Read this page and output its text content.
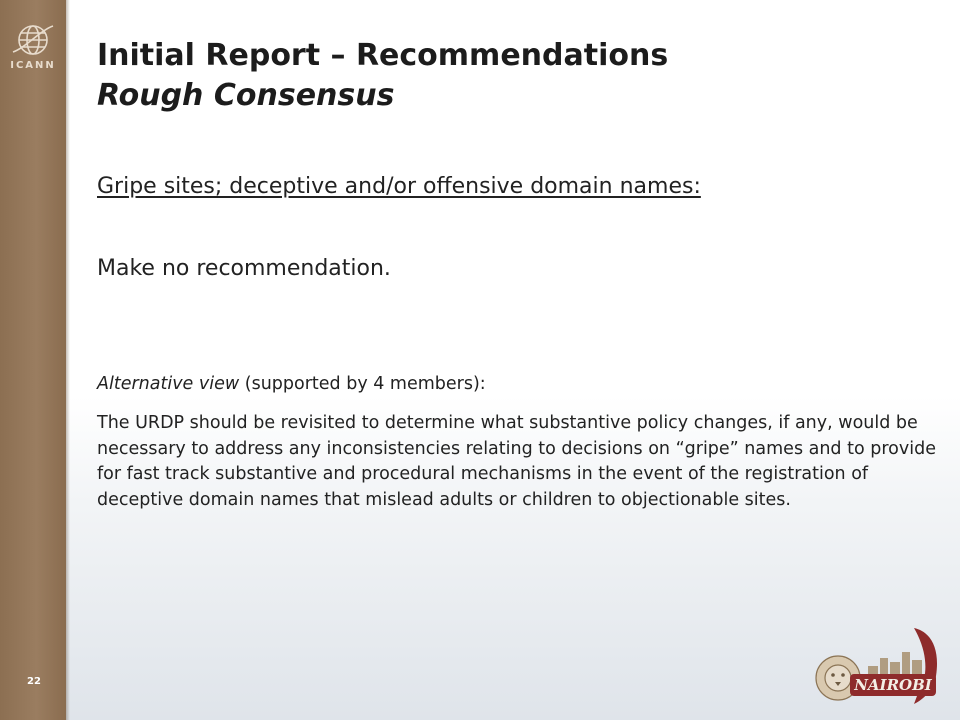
ICANN
22
Initial Report – Recommendations
Rough Consensus
Gripe sites; deceptive and/or offensive domain names:
Make no recommendation.
Alternative view (supported by 4 members):
The URDP should be revisited to determine what substantive policy changes, if any, would be necessary to address any inconsistencies relating to decisions on “gripe” names and to provide for fast track substantive and procedural mechanisms in the event of the registration of deceptive domain names that mislead adults or children to objectionable sites.
NAIROBI
